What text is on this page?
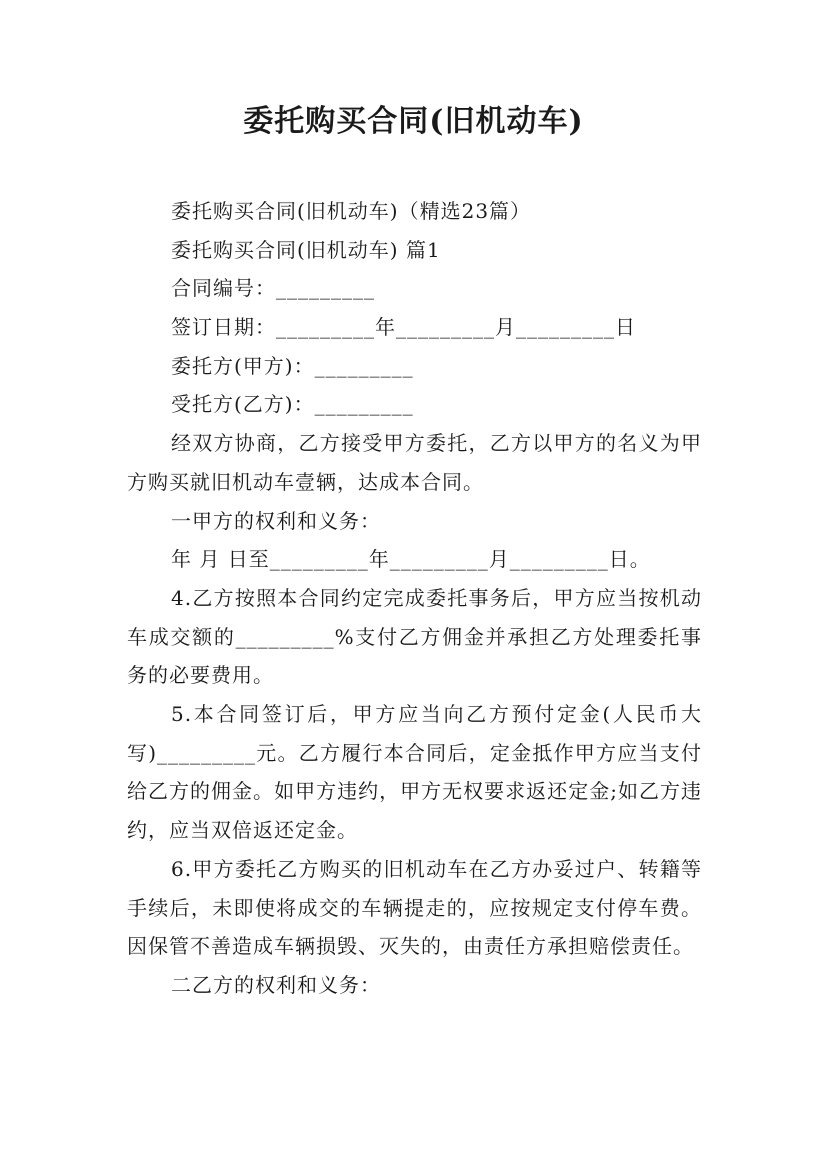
委托购买合同(旧机动车)
委托购买合同(旧机动车)（精选23篇）
委托购买合同(旧机动车) 篇1
合同编号：_________
签订日期：_________年_________月_________日
委托方(甲方)：_________
受托方(乙方)：_________
经双方协商，乙方接受甲方委托，乙方以甲方的名义为甲方购买就旧机动车壹辆，达成本合同。
一甲方的权利和义务：
年 月 日至_________年_________月_________日。
4.乙方按照本合同约定完成委托事务后，甲方应当按机动车成交额的_________%支付乙方佣金并承担乙方处理委托事务的必要费用。
5.本合同签订后，甲方应当向乙方预付定金(人民币大写)_________元。乙方履行本合同后，定金抵作甲方应当支付给乙方的佣金。如甲方违约，甲方无权要求返还定金;如乙方违约，应当双倍返还定金。
6.甲方委托乙方购买的旧机动车在乙方办妥过户、转籍等手续后，未即使将成交的车辆提走的，应按规定支付停车费。因保管不善造成车辆损毁、灭失的，由责任方承担赔偿责任。
二乙方的权利和义务：
